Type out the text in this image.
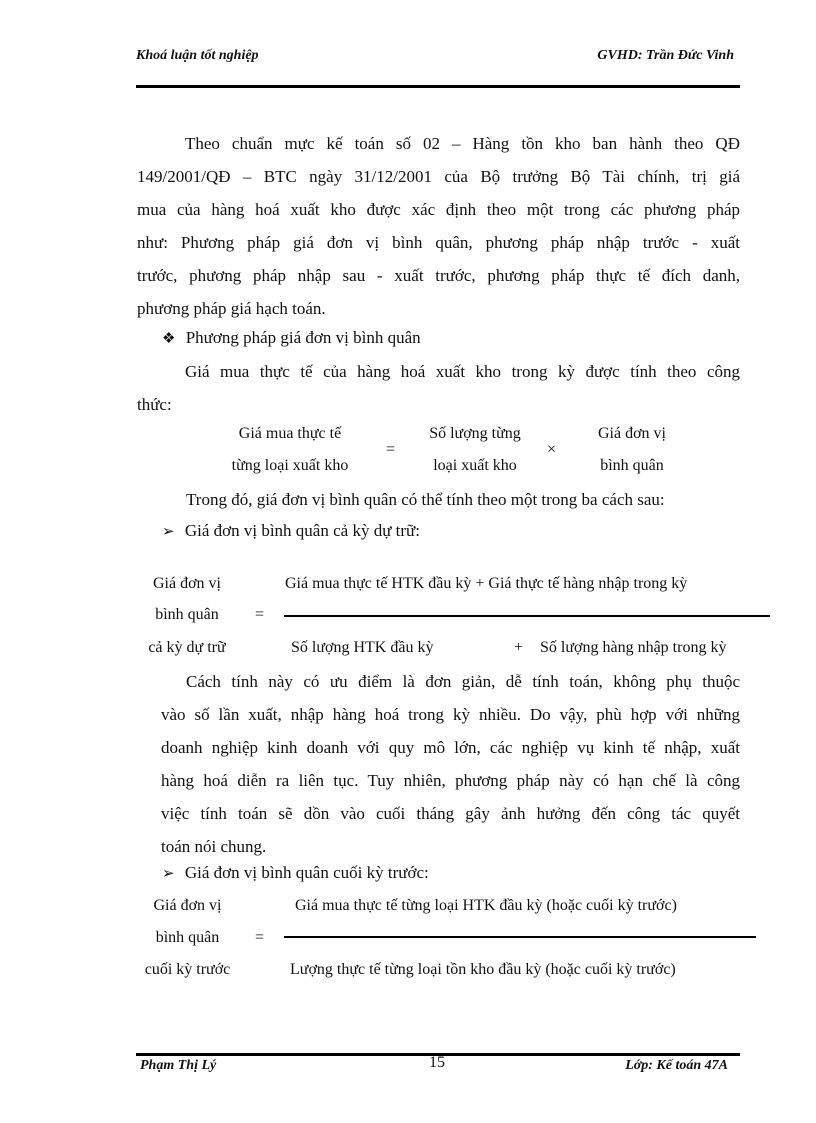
Khoá luận tốt nghiệp	GVHD: Trần Đức Vinh
Theo chuẩn mực kế toán số 02 – Hàng tồn kho ban hành theo QĐ
149/2001/QĐ – BTC ngày 31/12/2001 của Bộ trưởng Bộ Tài chính, trị giá
mua của hàng hoá xuất kho được xác định theo một trong các phương pháp
như: Phương pháp giá đơn vị bình quân, phương pháp nhập trước - xuất
trước, phương pháp nhập sau - xuất trước, phương pháp thực tế đích danh,
phương pháp giá hạch toán.
❖ Phương pháp giá đơn vị bình quân
Giá mua thực tế của hàng hoá xuất kho trong kỳ được tính theo công
thức:
Giá mua thực tế
từng loại xuất kho
=
Số lượng từng
loại xuất kho
×
Giá đơn vị
bình quân
Trong đó, giá đơn vị bình quân có thể tính theo một trong ba cách sau:
➢ Giá đơn vị bình quân cả kỳ dự trữ:
Giá đơn vị
bình quân
cả kỳ dự trữ
=
Giá mua thực tế HTK đầu kỳ + Giá thực tế hàng nhập trong kỳ
Số lượng HTK đầu kỳ	+ Số lượng hàng nhập trong kỳ
Cách tính này có ưu điểm là đơn giản, dễ tính toán, không phụ thuộc
vào số lần xuất, nhập hàng hoá trong kỳ nhiều. Do vậy, phù hợp với những
doanh nghiệp kinh doanh với quy mô lớn, các nghiệp vụ kinh tế nhập, xuất
hàng hoá diễn ra liên tục. Tuy nhiên, phương pháp này có hạn chế là công
việc tính toán sẽ dồn vào cuối tháng gây ảnh hưởng đến công tác quyết
toán nói chung.
➢ Giá đơn vị bình quân cuối kỳ trước:
Giá đơn vị
bình quân
cuối kỳ trước
=
Giá mua thực tế từng loại HTK đầu kỳ (hoặc cuối kỳ trước)
Lượng thực tế từng loại tồn kho đầu kỳ (hoặc cuối kỳ trước)
Phạm Thị Lý	15	Lớp: Kế toán 47A
